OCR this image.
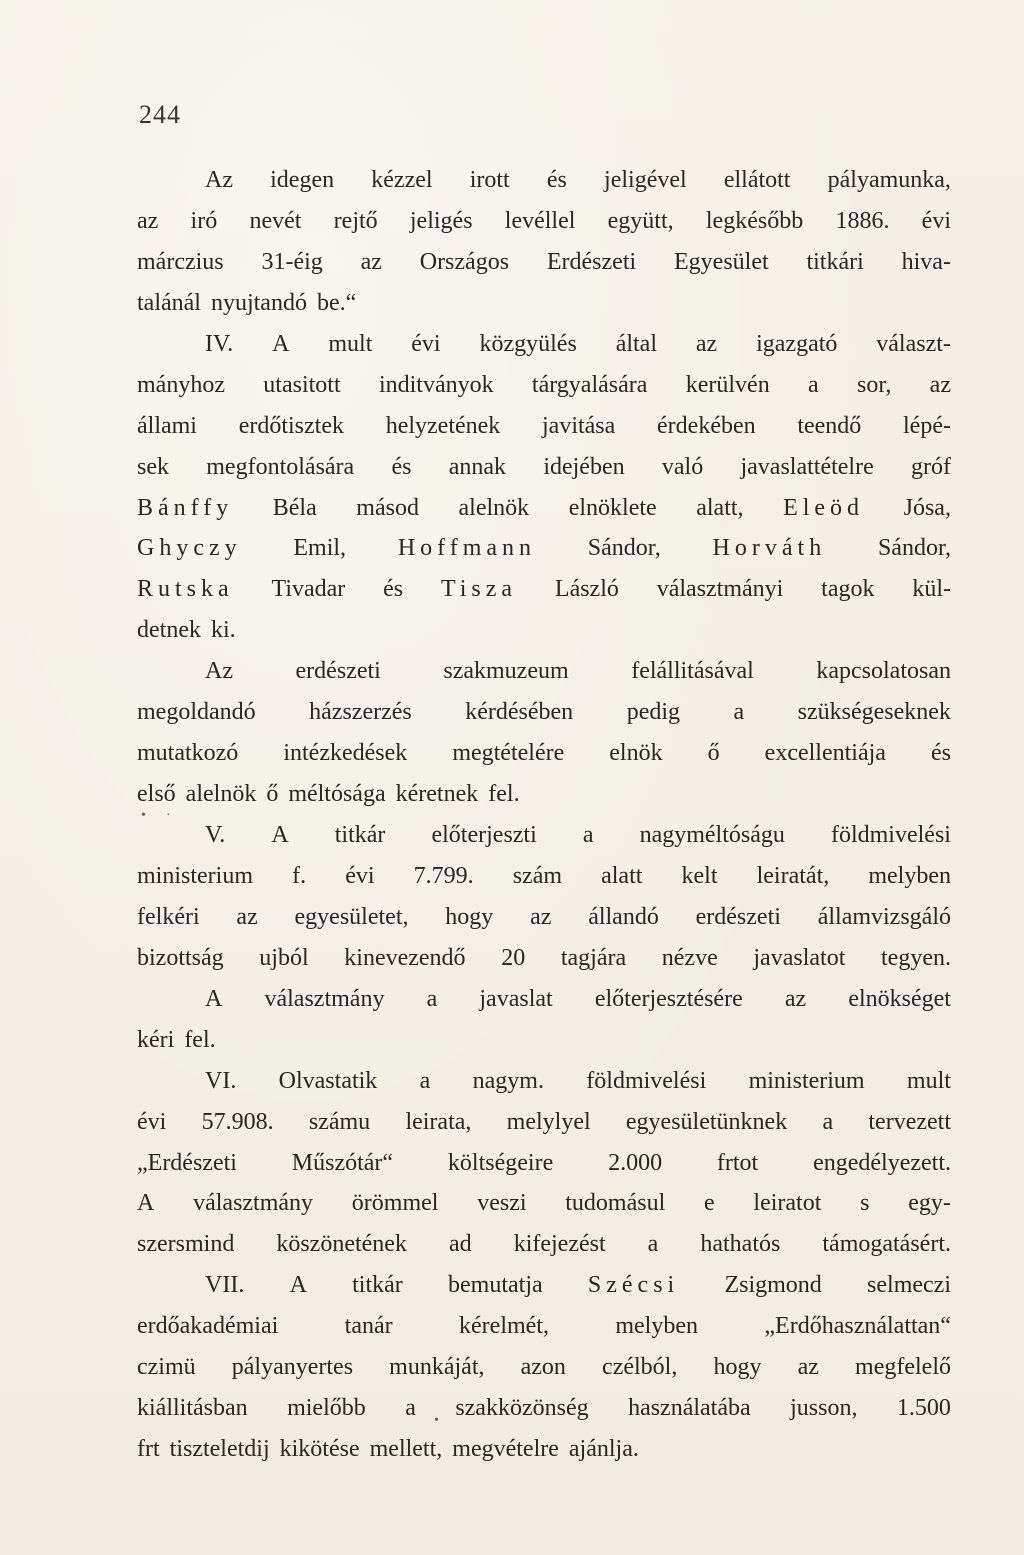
244
Az idegen kézzel irott és jeligével ellátott pályamunka,
az iró nevét rejtő jeligés levéllel együtt, legkésőbb 1886. évi
márczius 31-éig az Országos Erdészeti Egyesület titkári hiva-
talánál nyujtandó be.“
IV. A mult évi közgyülés által az igazgató választ-
mányhoz utasitott inditványok tárgyalására kerülvén a sor, az
állami erdőtisztek helyzetének javitása érdekében teendő lépé-
sek megfontolására és annak idejében való javaslattételre gróf
Bánffy Béla másod alelnök elnöklete alatt, Eleöd Jósa,
Ghyczy Emil, Hoffmann Sándor, Horváth Sándor,
Rutska Tivadar és Tisza László választmányi tagok kül-
detnek ki.
Az	erdészeti	szakmuzeum	felállitásával	kapcsolatosan
megoldandó házszerzés kérdésében pedig a szükségeseknek
mutatkozó intézkedések megtételére elnök ő excellentiája és
első alelnök ő méltósága kéretnek fel.
V. A titkár előterjeszti a nagyméltóságu földmivelési
ministerium f. évi 7.799. szám alatt kelt leiratát, melyben
felkéri az egyesületet, hogy az állandó erdészeti államvizsgáló
bizottság ujból kinevezendő 20 tagjára nézve javaslatot tegyen.
A választmány a javaslat előterjesztésére az elnökséget
kéri fel.
VI. Olvastatik a nagym. földmivelési ministerium mult
évi 57.908. számu leirata, melylyel egyesületünknek a tervezett
„Erdészeti Műszótár“ költségeire 2.000 frtot engedélyezett.
A választmány örömmel veszi tudomásul e leiratot s egy-
szersmind köszönetének ad kifejezést a hathatós támogatásért.
VII. A titkár bemutatja Szécsi Zsigmond selmeczi
erdőakadémiai	tanár	kérelmét,	melyben	„Erdőhasználattan“
czimü pályanyertes munkáját, azon czélból, hogy az megfelelő
kiállitásban mielőbb a szakközönség használatába jusson, 1.500
frt tiszteletdij kikötése mellett, megvételre ajánlja.
• ·
•
